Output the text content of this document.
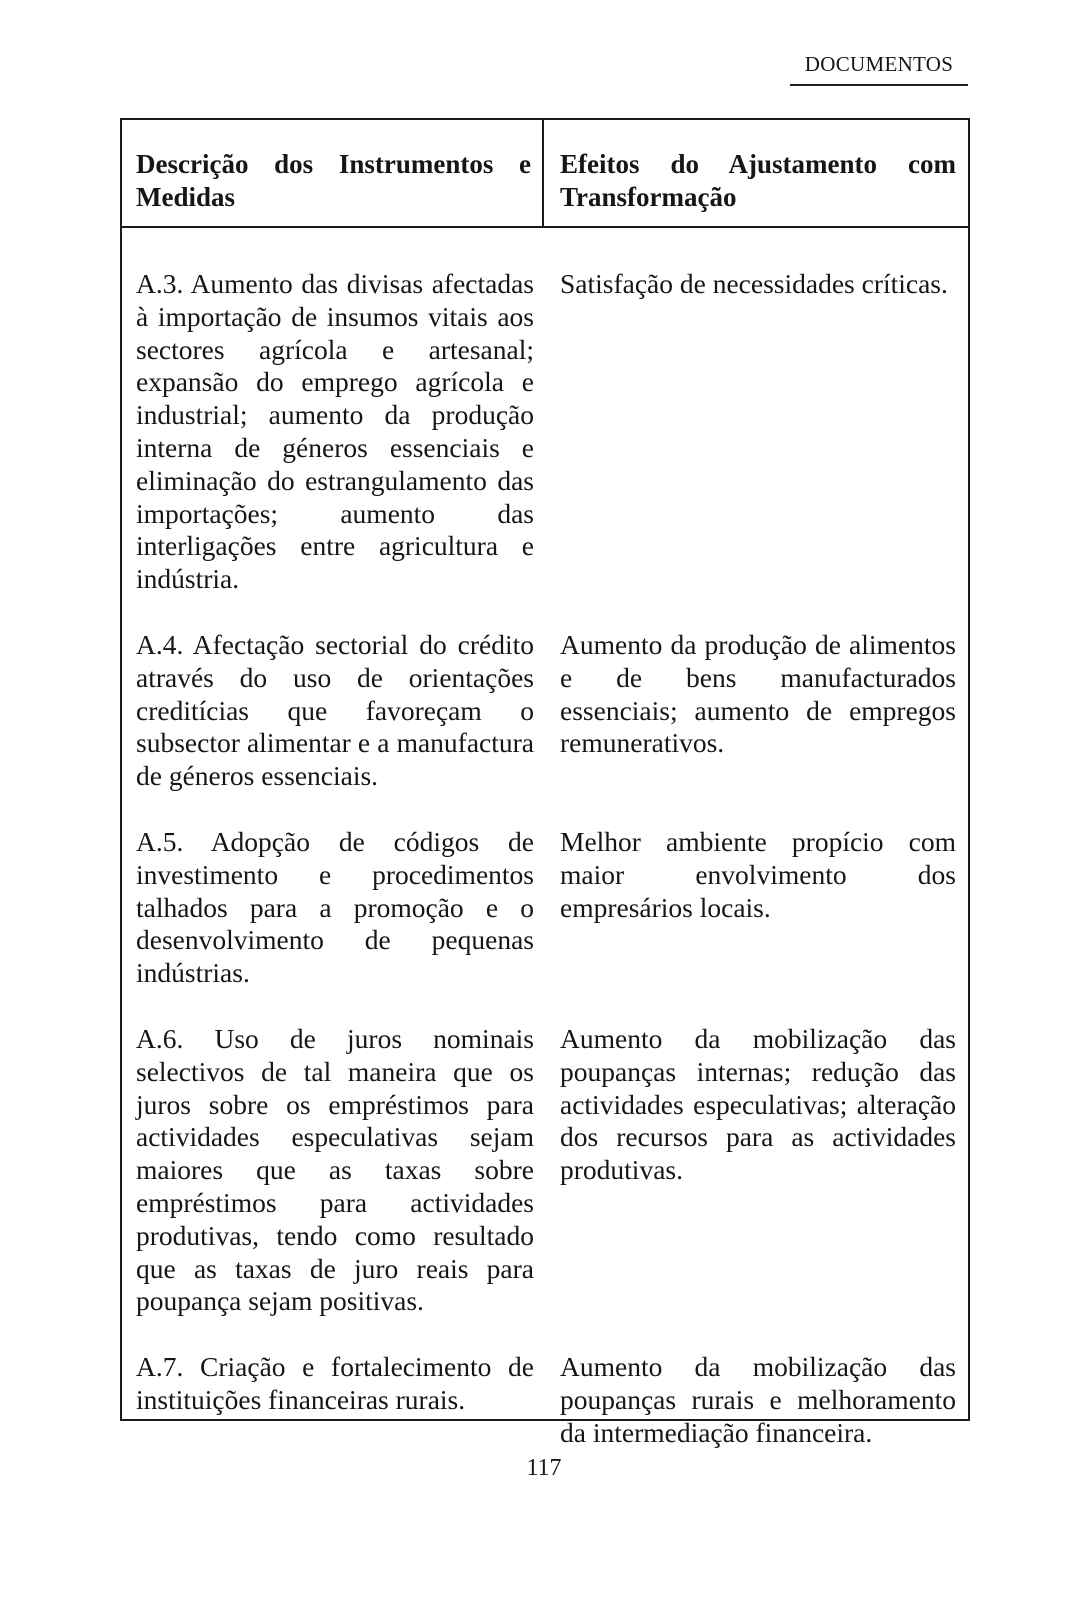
DOCUMENTOS
Descrição dos Instrumentos e Medidas
Efeitos do Ajustamento com Transformação

A.3. Aumento das divisas afectadas à importação de insumos vitais aos sectores agrícola e artesanal; expansão do emprego agrícola e industrial; aumento da produção interna de géneros essenciais e eliminação do estrangulamento das importações; aumento das interligações entre agricultura e indústria.

A.4. Afectação sectorial do crédito através do uso de orientações creditícias que favoreçam o subsector alimentar e a manufactura de géneros essenciais.

A.5. Adopção de códigos de investimento e procedimentos talhados para a promoção e o desenvolvimento de pequenas indústrias.

A.6. Uso de juros nominais selectivos de tal maneira que os juros sobre os empréstimos para actividades especulativas sejam maiores que as taxas sobre empréstimos para actividades produtivas, tendo como resultado que as taxas de juro reais para poupança sejam positivas.

A.7. Criação e fortalecimento de instituições financeiras rurais.

Satisfação de necessidades críticas.

Aumento da produção de alimentos e de bens manufacturados essenciais; aumento de empregos remunerativos.

Melhor ambiente propício com maior envolvimento dos empresários locais.

Aumento da mobilização das poupanças internas; redução das actividades especulativas; alteração dos recursos para as actividades produtivas.

Aumento da mobilização das poupanças rurais e melhoramento da intermediação financeira.

117
